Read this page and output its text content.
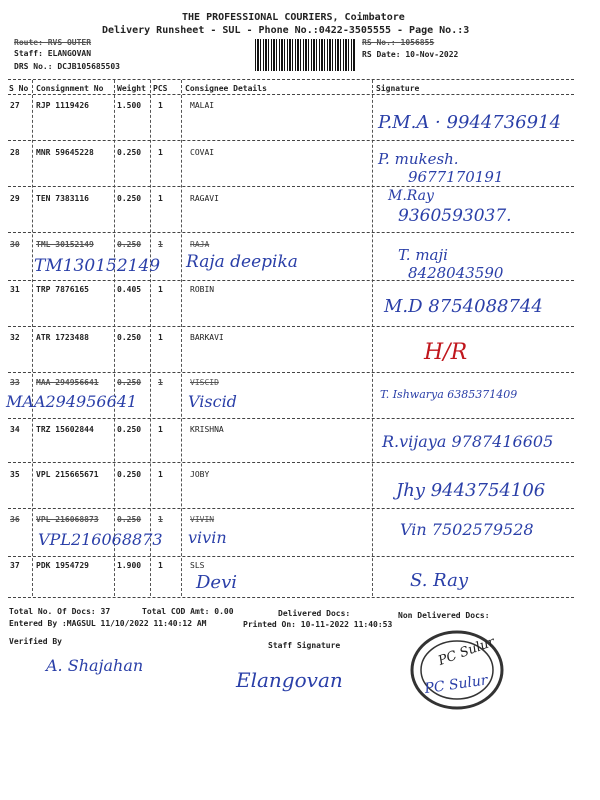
THE PROFESSIONAL COURIERS, Coimbatore
Delivery Runsheet - SUL - Phone No.:0422-3505555 - Page No.:3
Route: RVS OUTER
Staff: ELANGOVAN
DRS No.: DCJB105685503
RS No.: 1056855
RS Date: 10-Nov-2022
S No Consignment No Weight PCS Consignee Details	Signature
27 RJP 1119426	1.500 1	MALAI
P.M.A · 9944736914
28 MNR 59645228	0.250 1	COVAI	P. mukesh.
9677170191
29 TEN 7383116	0.250 1	RAGAVI	M.Ray
9360593037.
30 TML 30152149	0.250 1	RAJA
TM130152149 Raja deepika	T. maji
8428043590
31 TRP 7876165	0.405 1	ROBIN
M.D 8754088744
32 ATR 1723488	0.250 1	BARKAVI
H/R
33 MAA 294956641 0.250 1	VISCID
MAA294956641	Viscid	T. Ishwarya 6385371409
34 TRZ 15602844	0.250 1	KRISHNA
R.vijaya 9787416605
35 VPL 215665671 0.250 1	JOBY
Jhy 9443754106
36 VPL 216068873 0.250 1	VIVIN
VPL216068873 vivin	Vin 7502579528
37 PDK 1954729	1.900 1	SLS
Devi	S. Ray
Total No. Of Docs: 37	Total COD Amt: 0.00	Delivered Docs:	Non Delivered Docs:
Entered By :MAGSUL 11/10/2022 11:40:12 AM	Printed On: 10-11-2022 11:40:53
Verified By	Staff Signature
A. Shajahan
Elangovan
PC Sulur
PC Sulur
